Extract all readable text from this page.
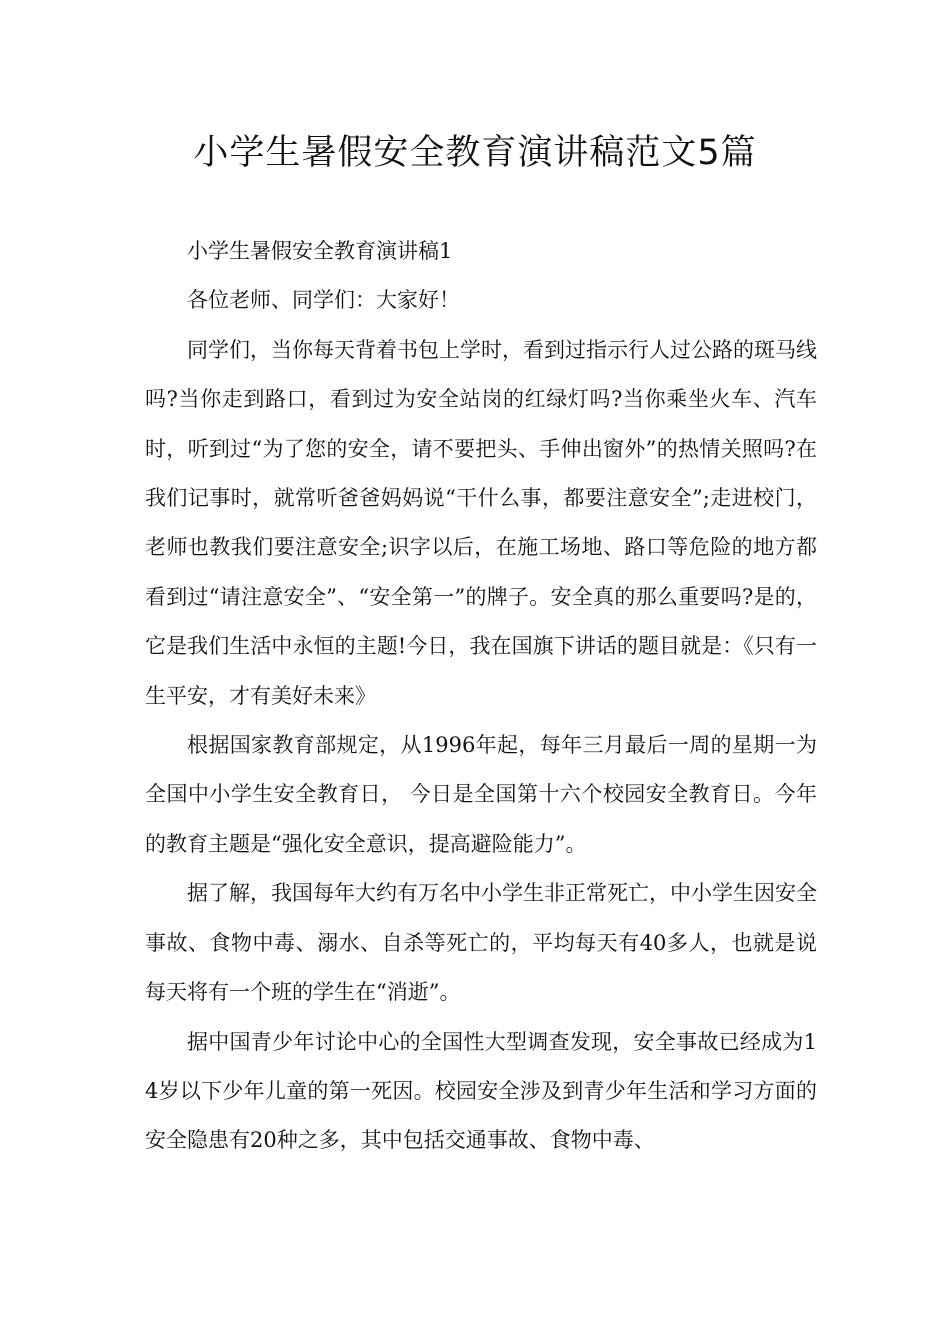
小学生暑假安全教育演讲稿范文5篇

小学生暑假安全教育演讲稿1

各位老师、同学们：大家好！

同学们，当你每天背着书包上学时，看到过指示行人过公路的斑马线吗?当你走到路口，看到过为安全站岗的红绿灯吗?当你乘坐火车、汽车时，听到过“为了您的安全，请不要把头、手伸出窗外”的热情关照吗?在我们记事时，就常听爸爸妈妈说“干什么事，都要注意安全”;走进校门，老师也教我们要注意安全;识字以后，在施工场地、路口等危险的地方都看到过“请注意安全”、“安全第一”的牌子。安全真的那么重要吗?是的，它是我们生活中永恒的主题!今日，我在国旗下讲话的题目就是：《只有一生平安，才有美好未来》

根据国家教育部规定，从1996年起，每年三月最后一周的星期一为全国中小学生安全教育日， 今日是全国第十六个校园安全教育日。今年的教育主题是“强化安全意识，提高避险能力”。

据了解，我国每年大约有万名中小学生非正常死亡，中小学生因安全事故、食物中毒、溺水、自杀等死亡的，平均每天有40多人，也就是说每天将有一个班的学生在“消逝”。

据中国青少年讨论中心的全国性大型调查发现，安全事故已经成为14岁以下少年儿童的第一死因。校园安全涉及到青少年生活和学习方面的安全隐患有20种之多，其中包括交通事故、食物中毒、
